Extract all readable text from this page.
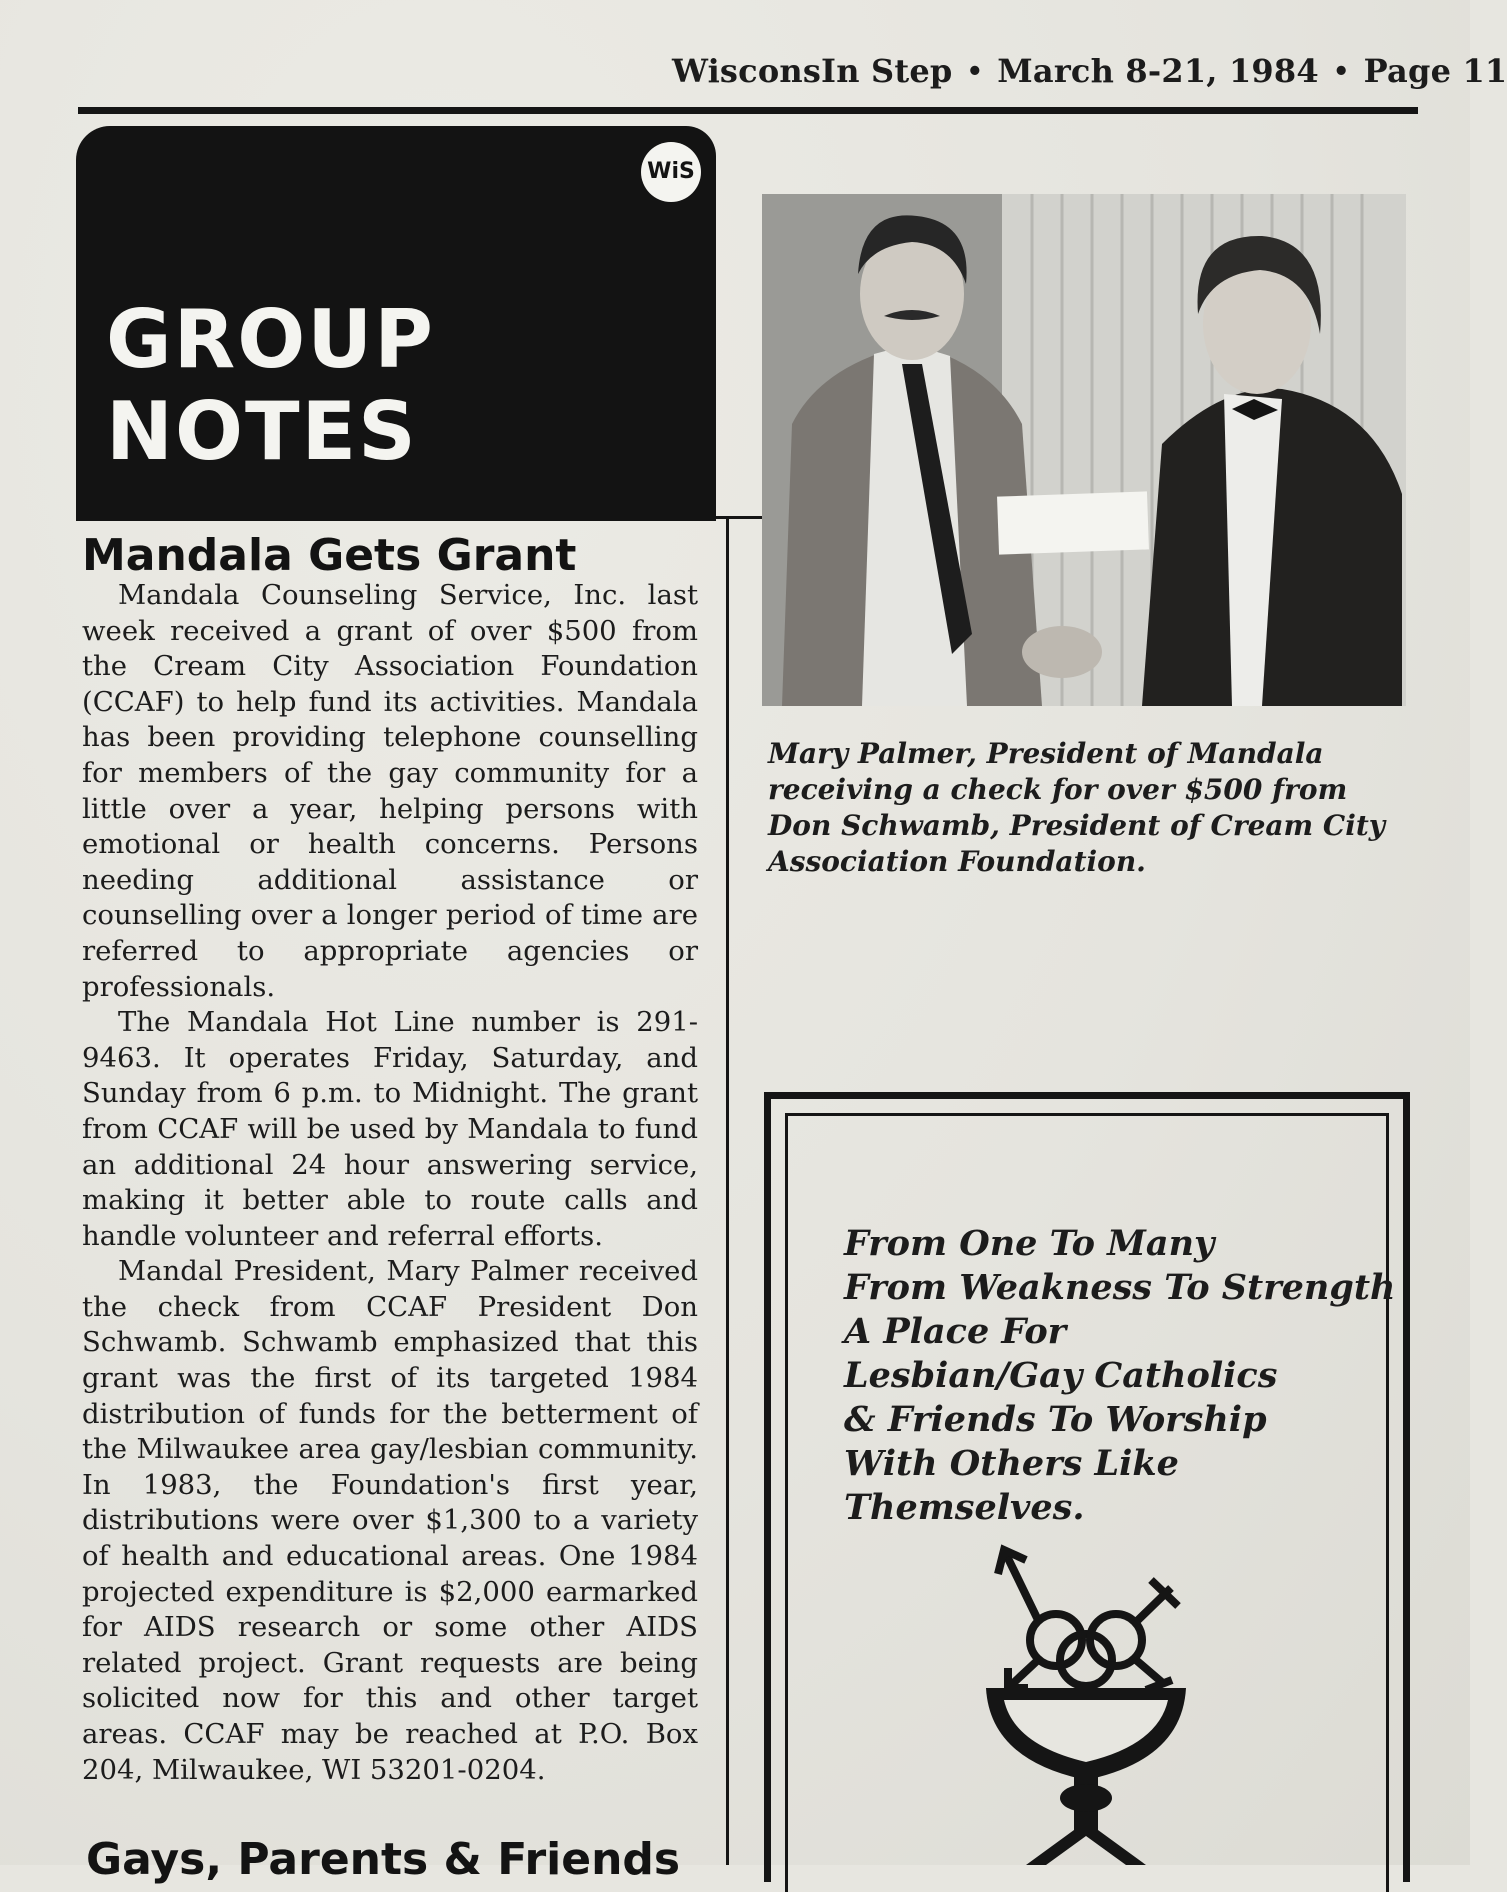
WisconsIn Step • March 8-21, 1984 • Page 11
WiS
GROUP
NOTES
Mandala Gets Grant

Mandala Counseling Service, Inc. last week received a grant of over $500 from the Cream City Association Foundation (CCAF) to help fund its activities. Mandala has been providing telephone counselling for members of the gay community for a little over a year, helping persons with emotional or health concerns. Persons needing additional assistance or counselling over a longer period of time are referred to appropriate agencies or professionals.

The Mandala Hot Line number is 291-9463. It operates Friday, Saturday, and Sunday from 6 p.m. to Midnight. The grant from CCAF will be used by Mandala to fund an additional 24 hour answering service, making it better able to route calls and handle volunteer and referral efforts.

Mandal President, Mary Palmer received the check from CCAF President Don Schwamb. Schwamb emphasized that this grant was the first of its targeted 1984 distribution of funds for the betterment of the Milwaukee area gay/lesbian community. In 1983, the Foundation's first year, distributions were over $1,300 to a variety of health and educational areas. One 1984 projected expenditure is $2,000 earmarked for AIDS research or some other AIDS related project. Grant requests are being solicited now for this and other target areas. CCAF may be reached at P.O. Box 204, Milwaukee, WI 53201-0204.

Gays, Parents & Friends
Mary Palmer, President of Mandala receiving a check for over $500 from Don Schwamb, President of Cream City Association Foundation.

From One To Many
From Weakness To Strength
A Place For
Lesbian/Gay Catholics
& Friends To Worship
With Others Like
Themselves.
